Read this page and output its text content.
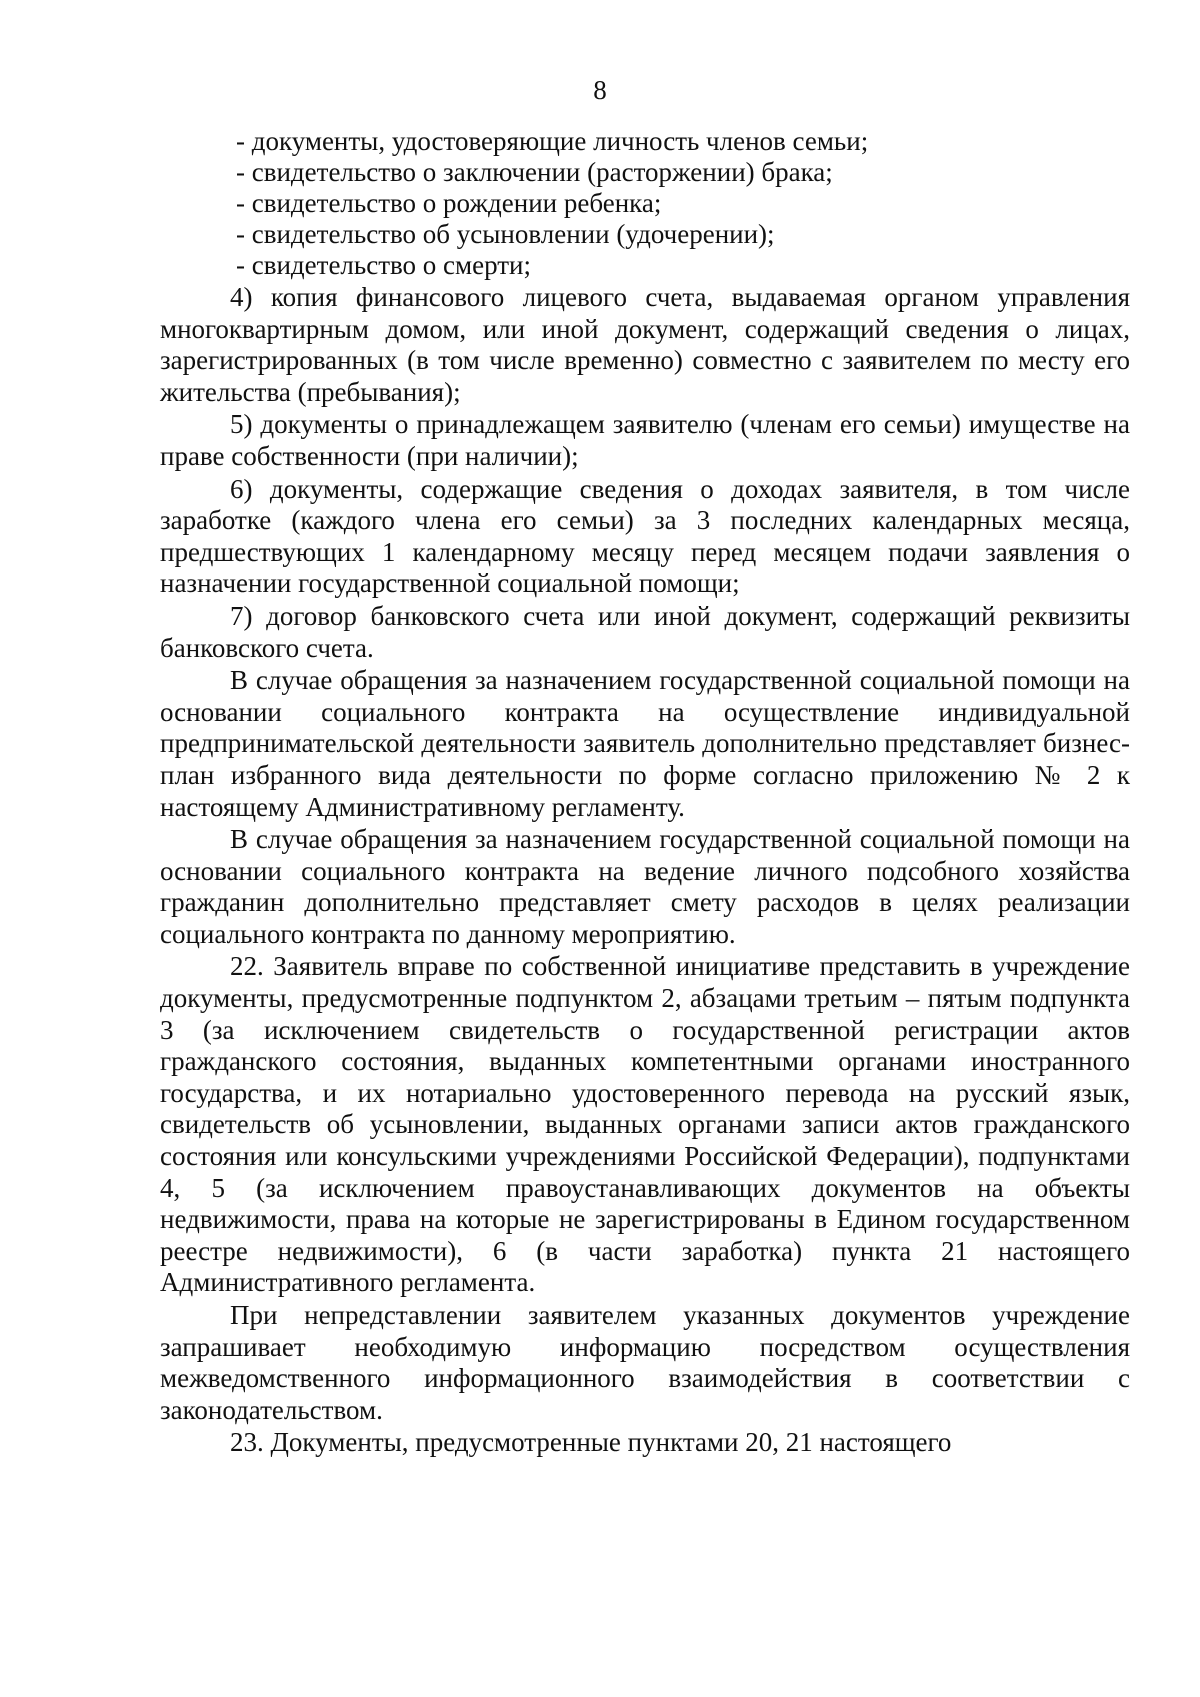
8

- документы, удостоверяющие личность членов семьи;

- свидетельство о заключении (расторжении) брака;

- свидетельство о рождении ребенка;

- свидетельство об усыновлении (удочерении);

- свидетельство о смерти;

4) копия финансового лицевого счета, выдаваемая органом управления многоквартирным домом, или иной документ, содержащий сведения о лицах, зарегистрированных (в том числе временно) совместно с заявителем по месту его жительства (пребывания);

5) документы о принадлежащем заявителю (членам его семьи) имуществе на праве собственности (при наличии);

6) документы, содержащие сведения о доходах заявителя, в том числе заработке (каждого члена его семьи) за 3 последних календарных месяца, предшествующих 1 календарному месяцу перед месяцем подачи заявления о назначении государственной социальной помощи;

7) договор банковского счета или иной документ, содержащий реквизиты банковского счета.

В случае обращения за назначением государственной социальной помощи на основании социального контракта на осуществление индивидуальной предпринимательской деятельности заявитель дополнительно представляет бизнес-план избранного вида деятельности по форме согласно приложению № 2 к настоящему Административному регламенту.

В случае обращения за назначением государственной социальной помощи на основании социального контракта на ведение личного подсобного хозяйства гражданин дополнительно представляет смету расходов в целях реализации социального контракта по данному мероприятию.

22. Заявитель вправе по собственной инициативе представить в учреждение документы, предусмотренные подпунктом 2, абзацами третьим – пятым подпункта 3 (за исключением свидетельств о государственной регистрации актов гражданского состояния, выданных компетентными органами иностранного государства, и их нотариально удостоверенного перевода на русский язык, свидетельств об усыновлении, выданных органами записи актов гражданского состояния или консульскими учреждениями Российской Федерации), подпунктами 4, 5 (за исключением правоустанавливающих документов на объекты недвижимости, права на которые не зарегистрированы в Едином государственном реестре недвижимости), 6 (в части заработка) пункта 21 настоящего Административного регламента.

При непредставлении заявителем указанных документов учреждение запрашивает необходимую информацию посредством осуществления межведомственного информационного взаимодействия в соответствии с законодательством.

23. Документы, предусмотренные пунктами 20, 21 настоящего
